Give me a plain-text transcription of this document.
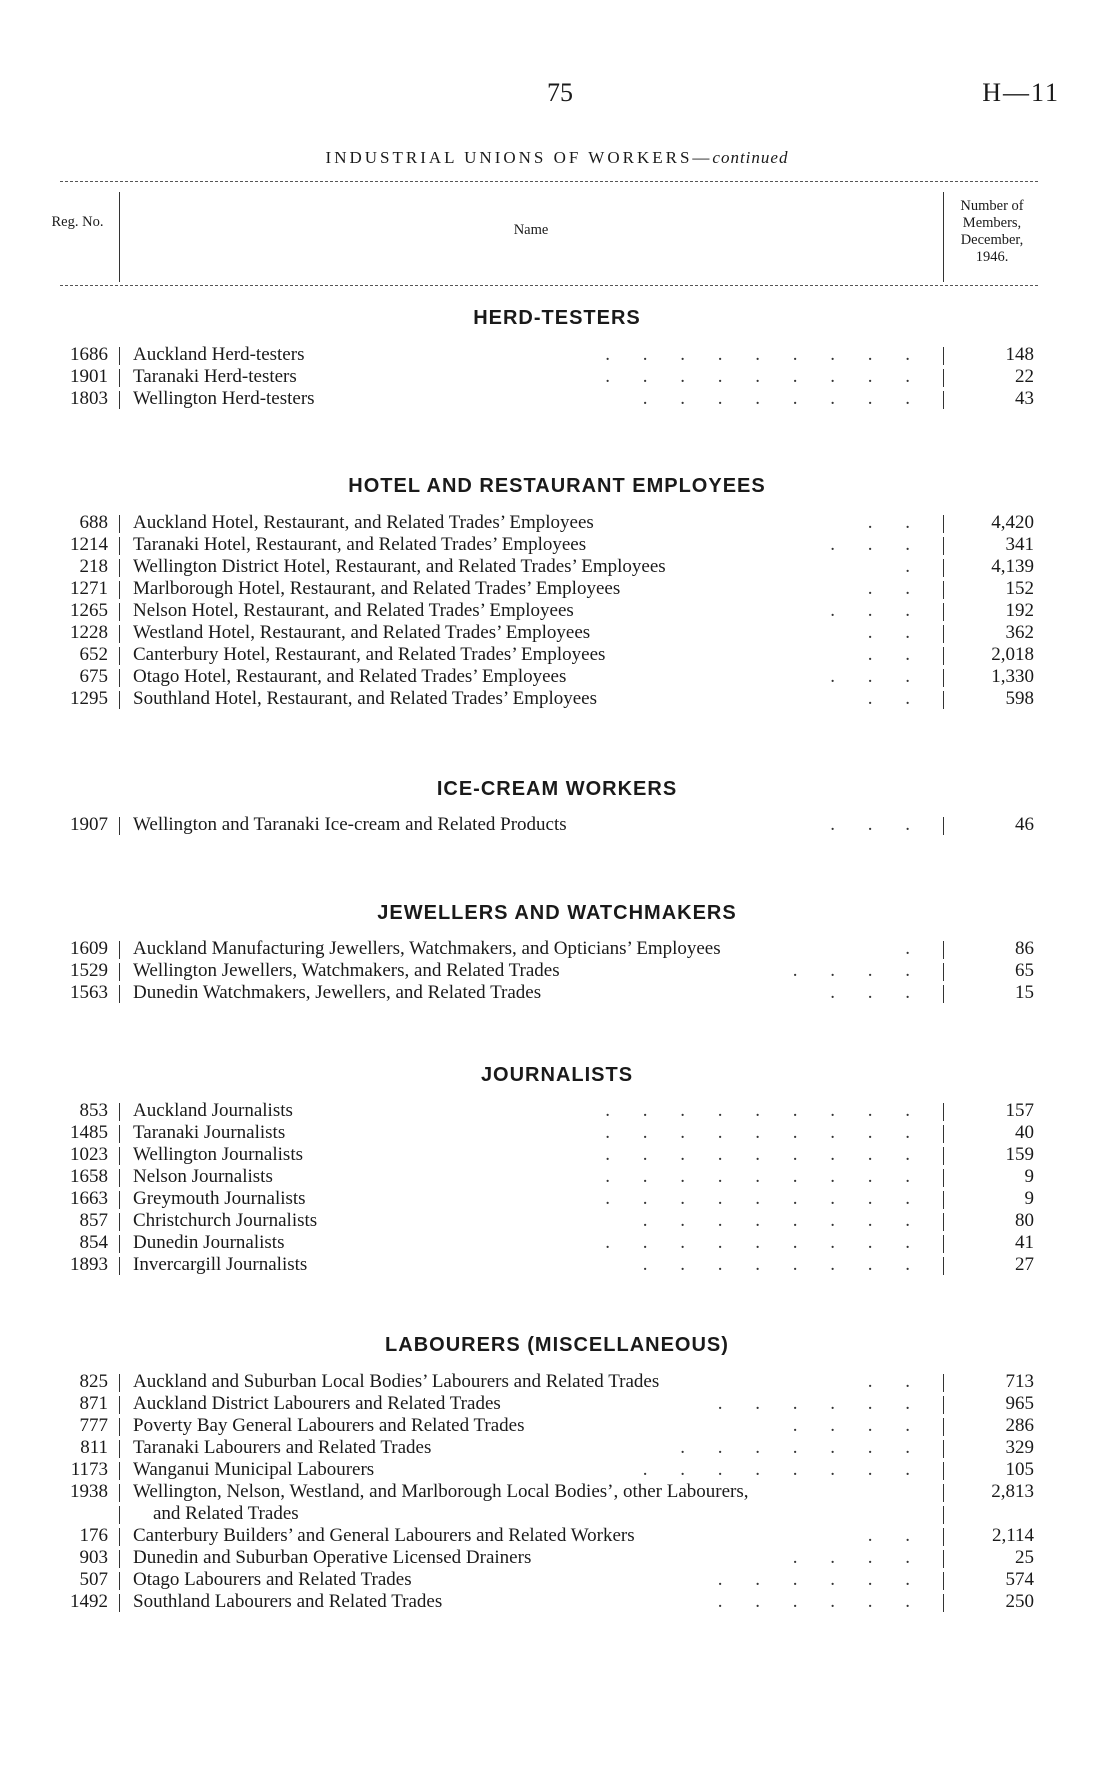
75	H—11
INDUSTRIAL UNIONS OF WORKERS—continued
Reg. No.	Name
Number of Members, December, 1946.
HERD-TESTERS
1686 Auckland Herd-testers	. . . . . . . . .	148
1901 Taranaki Herd-testers	. . . . . . . . .	22
1803 Wellington Herd-testers	. . . . . . . .	43
HOTEL AND RESTAURANT EMPLOYEES
688 Auckland Hotel, Restaurant, and Related Trades’ Employees	. .	4,420
1214 Taranaki Hotel, Restaurant, and Related Trades’ Employees	. . .	341
218 Wellington District Hotel, Restaurant, and Related Trades’ Employees	.	4,139
1271 Marlborough Hotel, Restaurant, and Related Trades’ Employees	. .	152
1265 Nelson Hotel, Restaurant, and Related Trades’ Employees	. . .	192
1228 Westland Hotel, Restaurant, and Related Trades’ Employees	. .	362
652 Canterbury Hotel, Restaurant, and Related Trades’ Employees	. .	2,018
675 Otago Hotel, Restaurant, and Related Trades’ Employees	. . .	1,330
1295 Southland Hotel, Restaurant, and Related Trades’ Employees	. .	598
ICE-CREAM WORKERS
1907 Wellington and Taranaki Ice-cream and Related Products	. . .	46
JEWELLERS AND WATCHMAKERS
1609 Auckland Manufacturing Jewellers, Watchmakers, and Opticians’ Employees	.	86
1529 Wellington Jewellers, Watchmakers, and Related Trades	. . . .	65
1563 Dunedin Watchmakers, Jewellers, and Related Trades	. . .	15
JOURNALISTS
853 Auckland Journalists	. . . . . . . . .	157
1485 Taranaki Journalists	. . . . . . . . .	40
1023 Wellington Journalists	. . . . . . . . .	159
1658 Nelson Journalists	. . . . . . . . .	9
1663 Greymouth Journalists	. . . . . . . . .	9
857 Christchurch Journalists	. . . . . . . .	80
854 Dunedin Journalists	. . . . . . . . .	41
1893 Invercargill Journalists	. . . . . . . .	27
LABOURERS (MISCELLANEOUS)
825 Auckland and Suburban Local Bodies’ Labourers and Related Trades	. .	713
871 Auckland District Labourers and Related Trades	. . . . . .	965
777 Poverty Bay General Labourers and Related Trades	. . . .	286
811 Taranaki Labourers and Related Trades	. . . . . . .	329
1173 Wanganui Municipal Labourers	. . . . . . . .	105
1938 Wellington, Nelson, Westland, and Marlborough Local Bodies’, other Labourers,	2,813
and Related Trades
176 Canterbury Builders’ and General Labourers and Related Workers	. .	2,114
903 Dunedin and Suburban Operative Licensed Drainers	. . . .	25
507 Otago Labourers and Related Trades	. . . . . .	574
1492 Southland Labourers and Related Trades	. . . . . .	250
